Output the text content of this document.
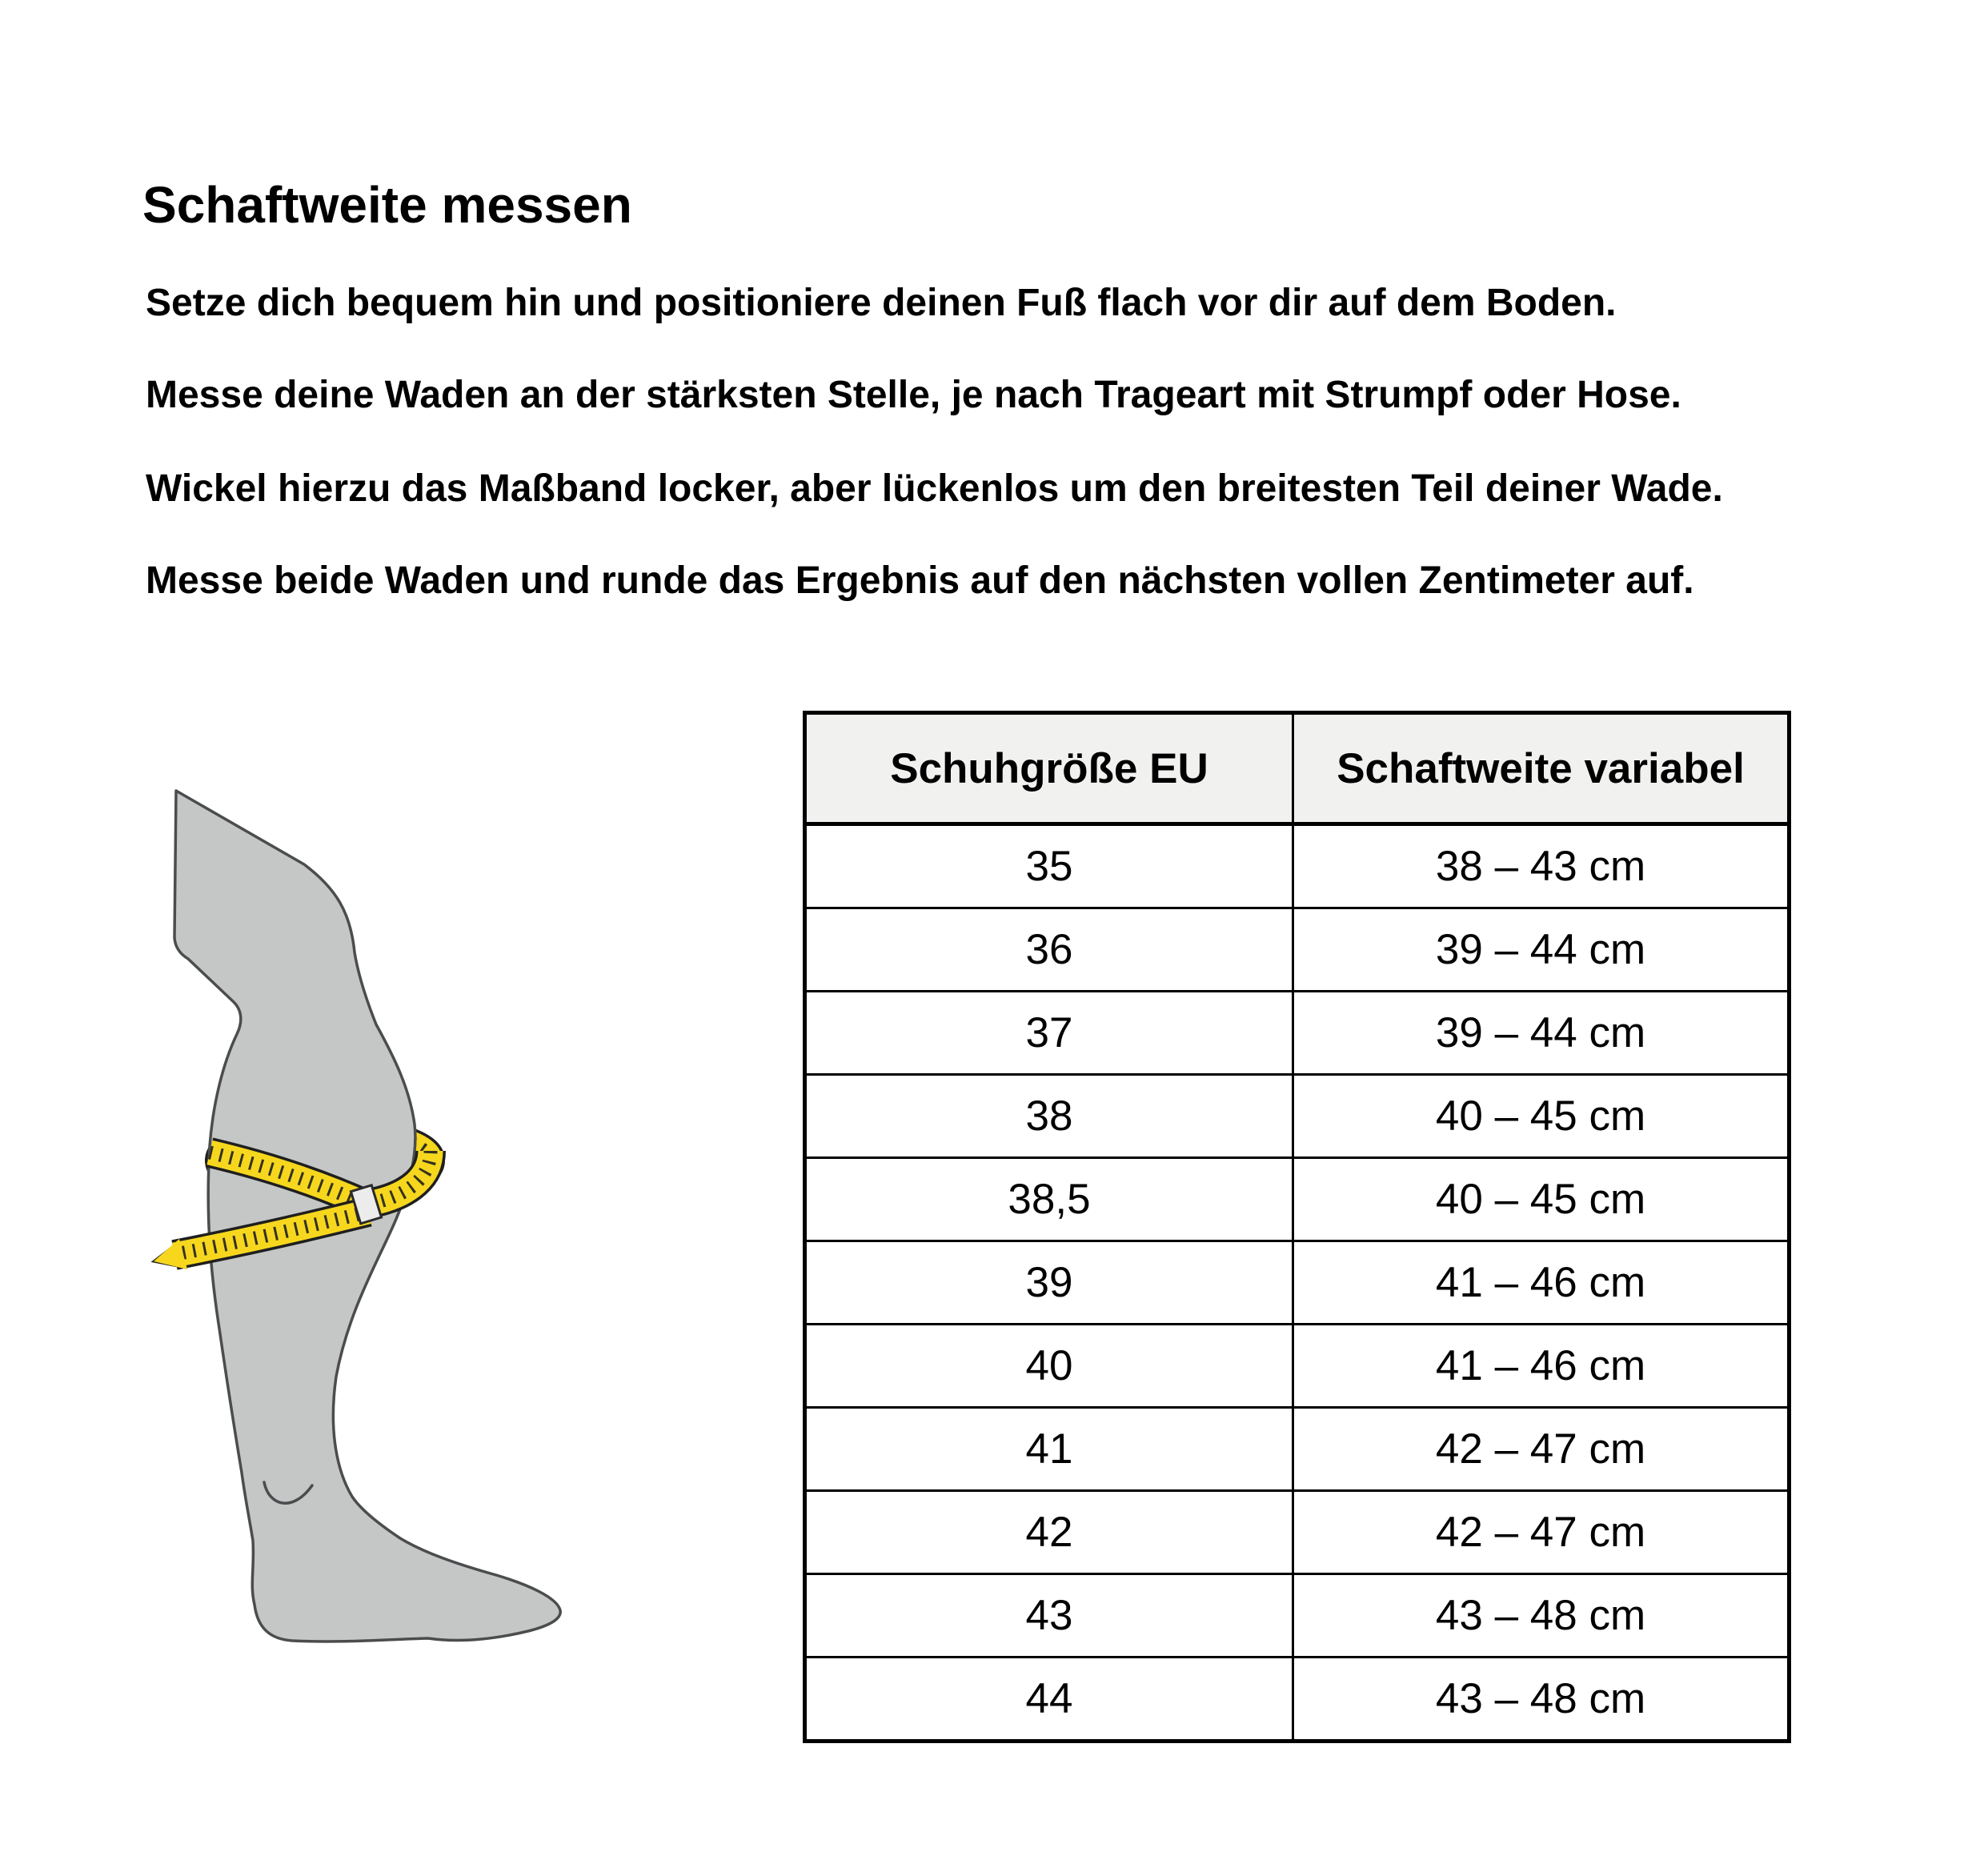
Schaftweite messen

Setze dich bequem hin und positioniere deinen Fuß flach vor dir auf dem Boden.

Messe deine Waden an der stärksten Stelle, je nach Trageart mit Strumpf oder Hose.

Wickel hierzu das Maßband locker, aber lückenlos um den breitesten Teil deiner Wade.

Messe beide Waden und runde das Ergebnis auf den nächsten vollen Zentimeter auf.

Schuhgröße EU	Schaftweite variabel
35	38 – 43 cm
36	39 – 44 cm
37	39 – 44 cm
38	40 – 45 cm
38,5	40 – 45 cm
39	41 – 46 cm
40	41 – 46 cm
41	42 – 47 cm
42	42 – 47 cm
43	43 – 48 cm
44	43 – 48 cm
